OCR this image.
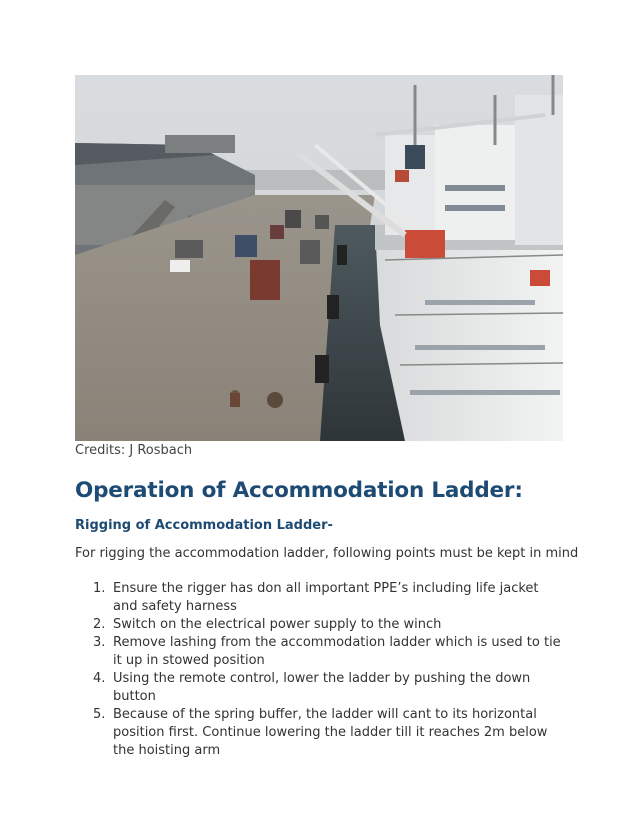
Credits: J Rosbach
Operation of Accommodation Ladder:
Rigging of Accommodation Ladder-

For rigging the accommodation ladder, following points must be kept in mind

1. Ensure the rigger has don all important PPE’s including life jacket and safety harness
2. Switch on the electrical power supply to the winch
3. Remove lashing from the accommodation ladder which is used to tie it up in stowed position
4. Using the remote control, lower the ladder by pushing the down button
5. Because of the spring buffer, the ladder will cant to its horizontal position first. Continue lowering the ladder till it reaches 2m below the hoisting arm
